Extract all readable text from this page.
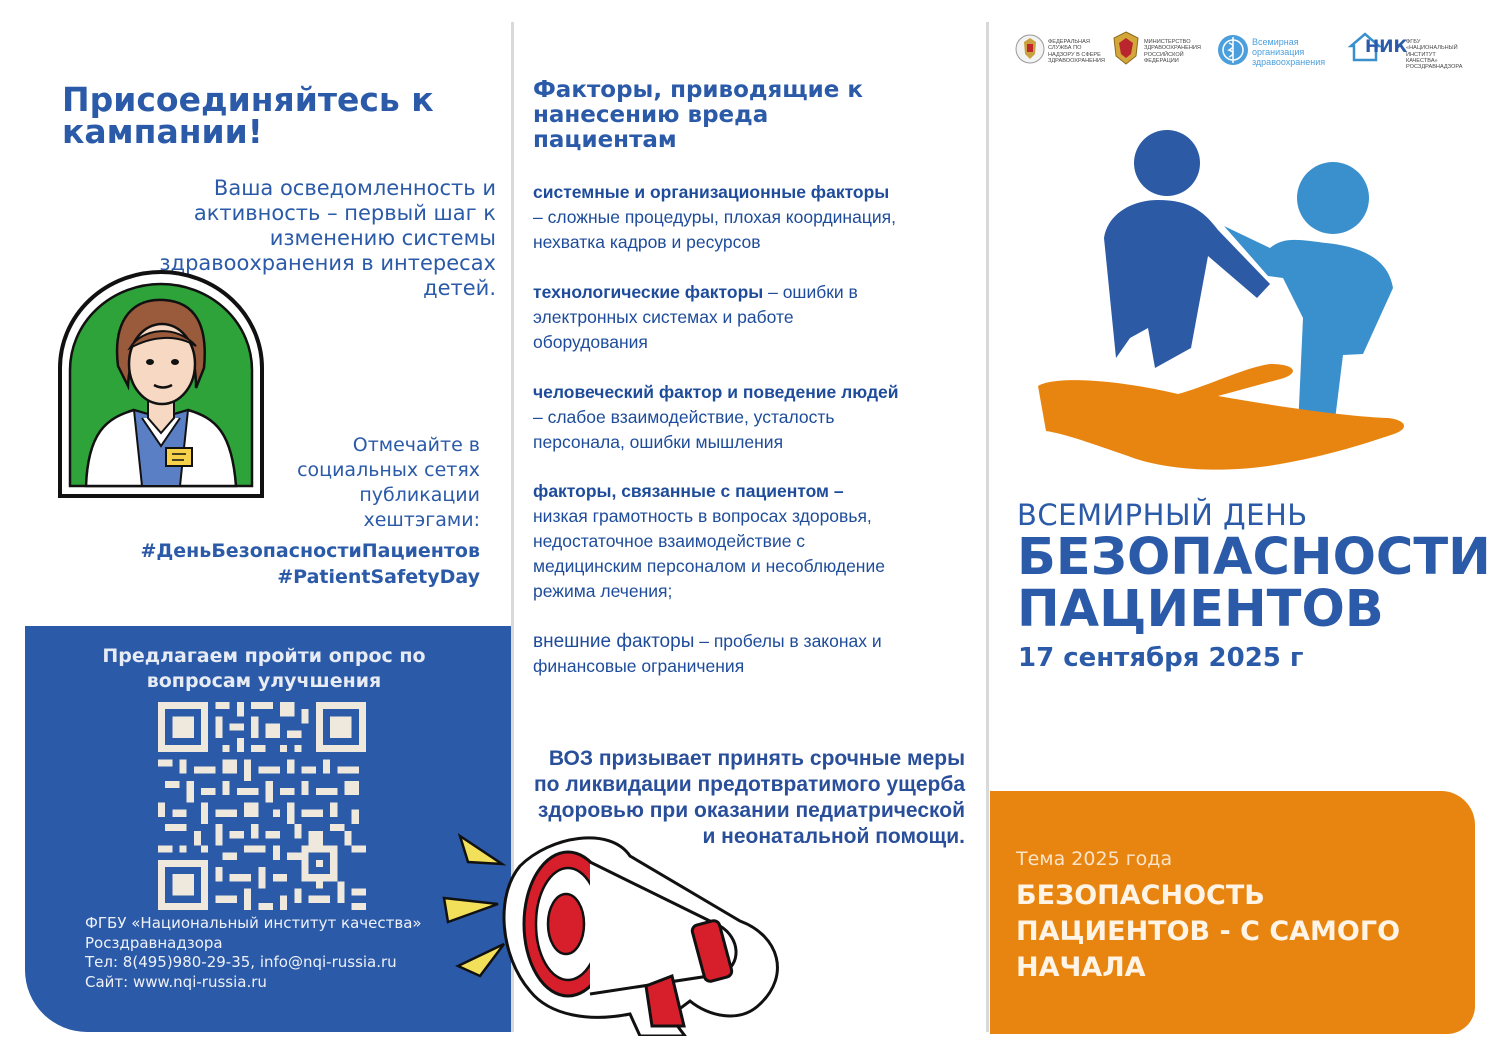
Присоединяйтесь к кампании!
Ваша осведомленность и активность – первый шаг к изменению системы здравоохранения в интересах детей.
Отмечайте в социальных сетях публикации хештэгами:
#ДеньБезопасностиПациентов
#PatientSafetyDay
Предлагаем пройти опрос по вопросам улучшения
ФГБУ «Национальный институт качества»
Росздравнадзора
Тел: 8(495)980-29-35, info@nqi-russia.ru
Сайт: www.nqi-russia.ru
Факторы, приводящие к нанесению вреда пациентам
системные и организационные факторы
– сложные процедуры, плохая координация, нехватка кадров и ресурсов
технологические факторы – ошибки в электронных системах и работе оборудования
человеческий фактор и поведение людей
– слабое взаимодействие, усталость персонала, ошибки мышления
факторы, связанные с пациентом –
низкая грамотность в вопросах здоровья, недостаточное взаимодействие с медицинским персоналом и несоблюдение режима лечения;
внешние факторы – пробелы в законах и финансовые ограничения
ВОЗ призывает принять срочные меры по ликвидации предотвратимого ущерба здоровью при оказании педиатрической и неонатальной помощи.
ФЕДЕРАЛЬНАЯ СЛУЖБА ПО НАДЗОРУ В СФЕРЕ ЗДРАВООХРАНЕНИЯ
МИНИСТЕРСТВО ЗДРАВООХРАНЕНИЯ РОССИЙСКОЙ ФЕДЕРАЦИИ
Всемирная организация здравоохранения
НИК
ФГБУ «НАЦИОНАЛЬНЫЙ ИНСТИТУТ КАЧЕСТВА» РОСЗДРАВНАДЗОРА
ВСЕМИРНЫЙ ДЕНЬ
БЕЗОПАСНОСТИ
ПАЦИЕНТОВ
17 сентября 2025 г
Тема 2025 года
БЕЗОПАСНОСТЬ ПАЦИЕНТОВ - С САМОГО НАЧАЛА
